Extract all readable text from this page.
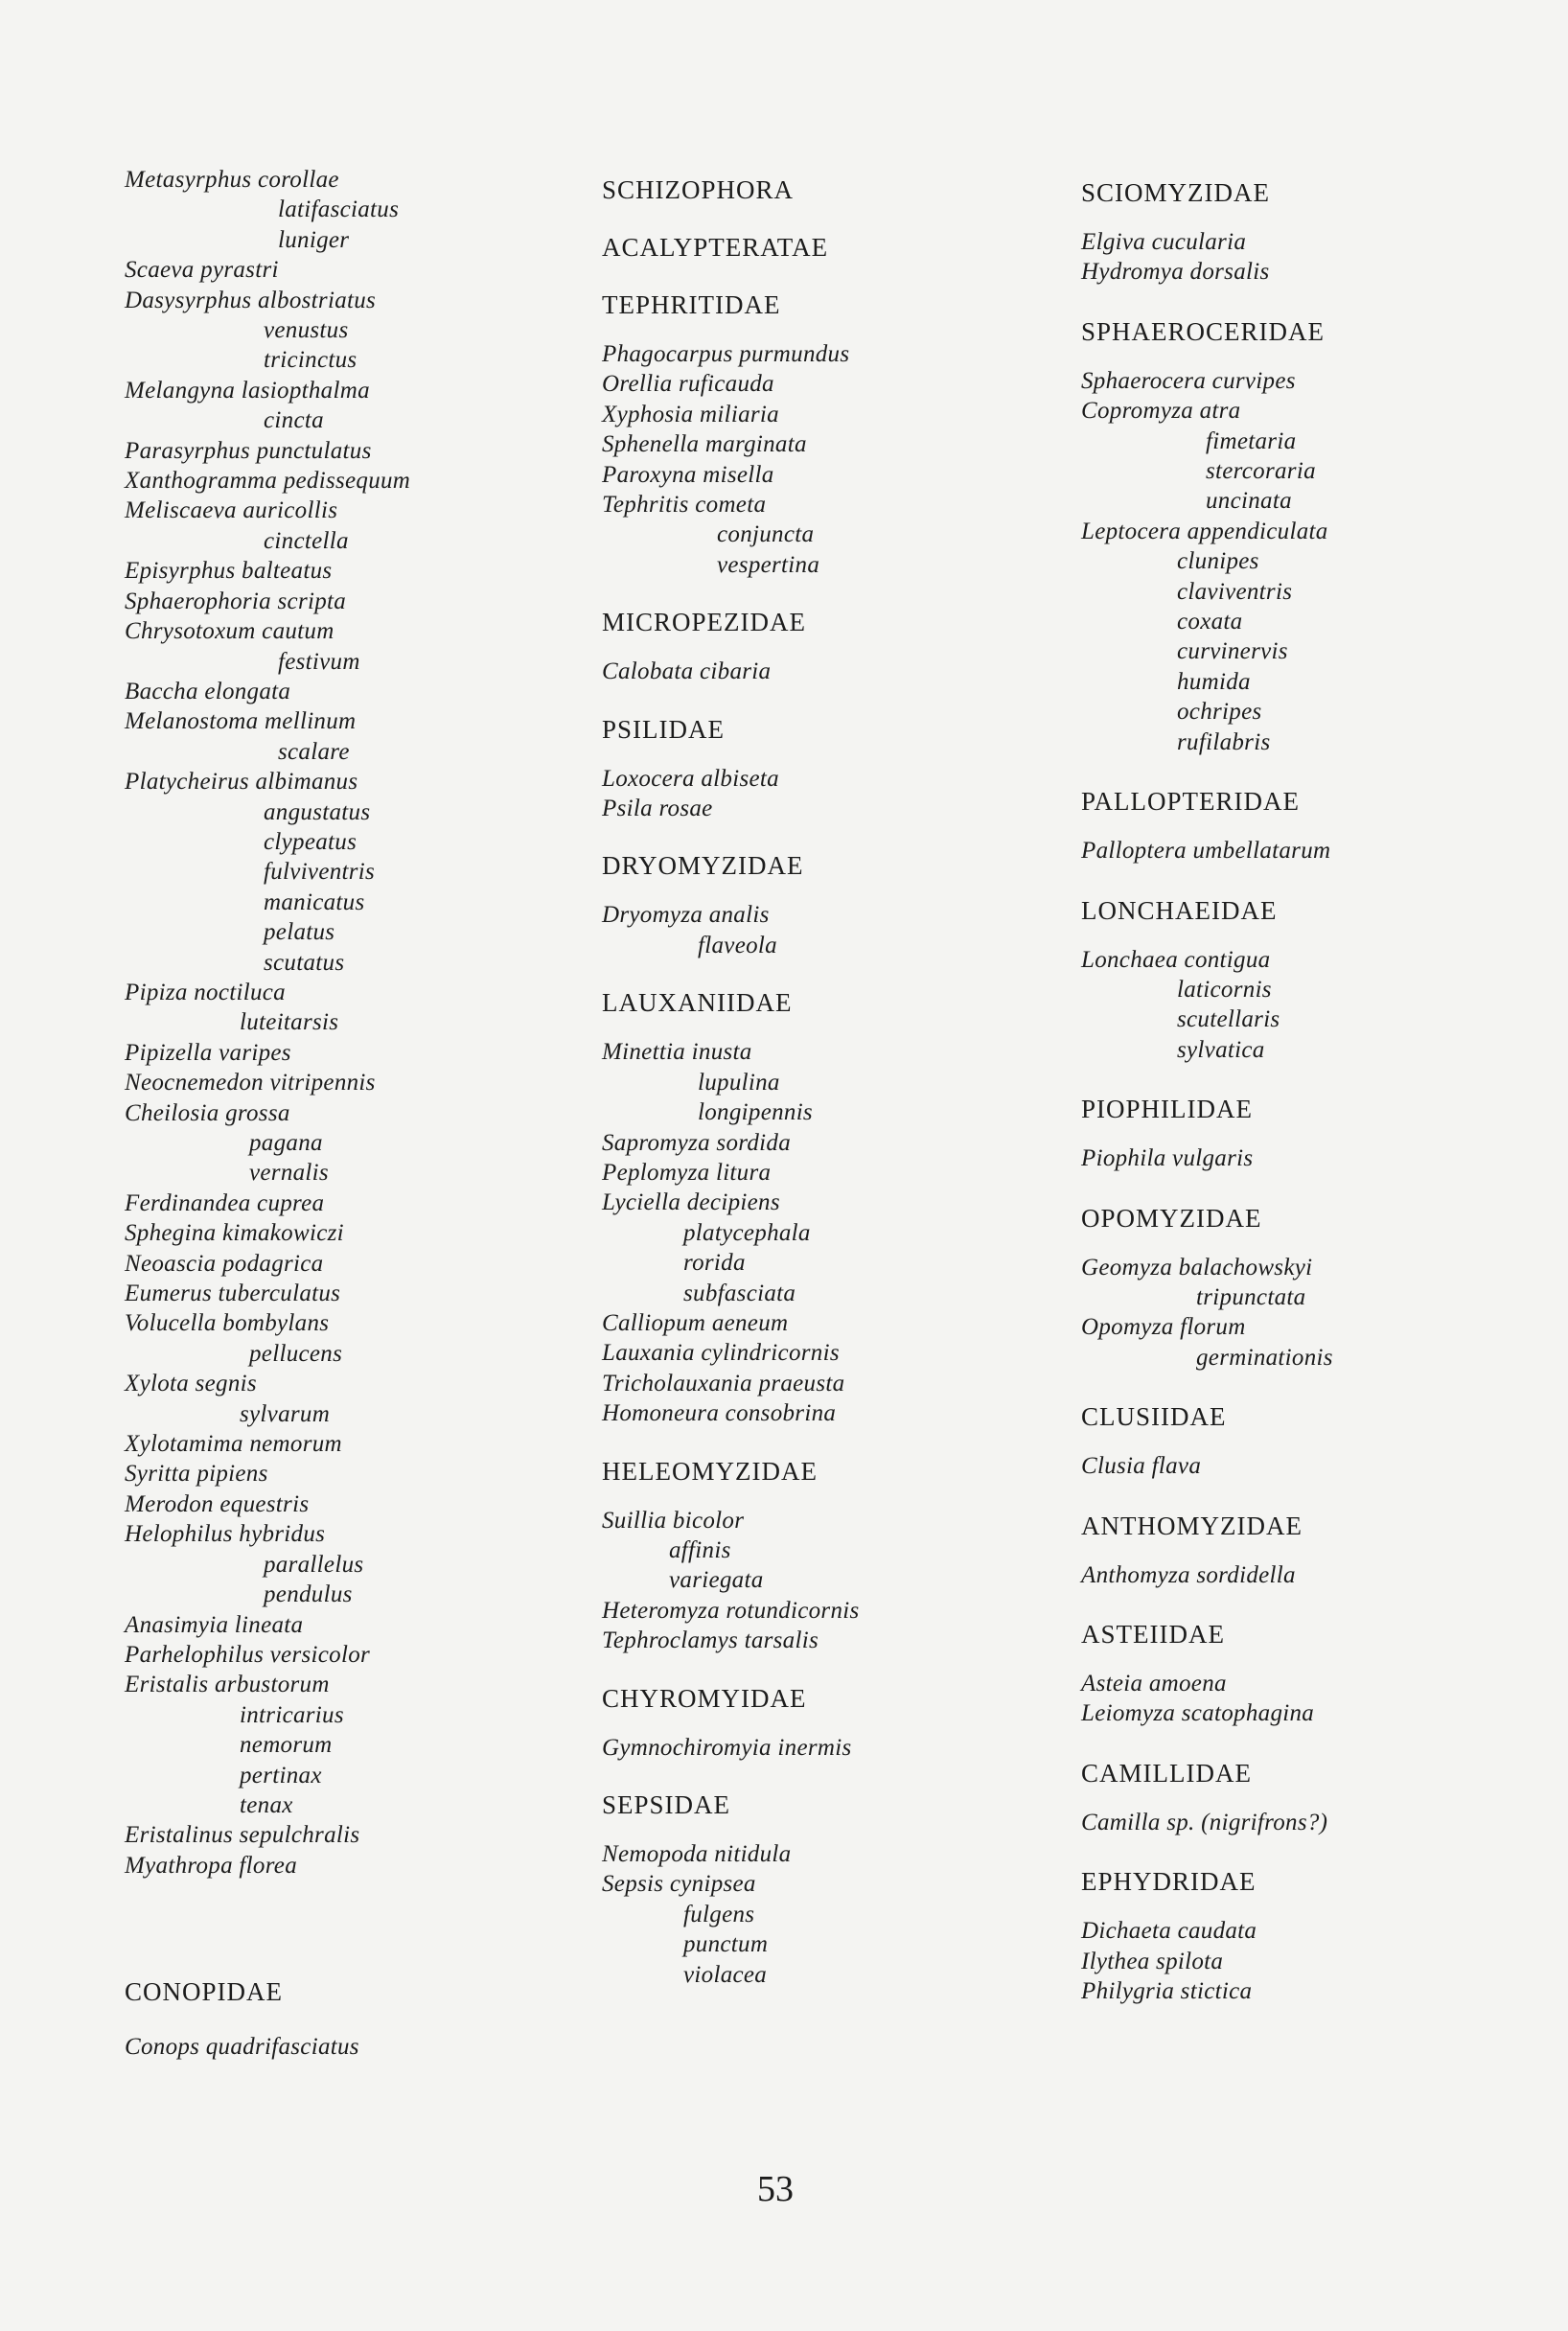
Metasyrphus corollae
latifasciatus
luniger
Scaeva pyrastri
Dasysyrphus albostriatus
venustus
tricinctus
Melangyna lasiopthalma
cincta
Parasyrphus punctulatus
Xanthogramma pedissequum
Meliscaeva auricollis
cinctella
Episyrphus balteatus
Sphaerophoria scripta
Chrysotoxum cautum
festivum
Baccha elongata
Melanostoma mellinum
scalare
Platycheirus albimanus
angustatus
clypeatus
fulviventris
manicatus
pelatus
scutatus
Pipiza noctiluca
luteitarsis
Pipizella varipes
Neocnemedon vitripennis
Cheilosia grossa
pagana
vernalis
Ferdinandea cuprea
Sphegina kimakowiczi
Neoascia podagrica
Eumerus tuberculatus
Volucella bombylans
pellucens
Xylota segnis
sylvarum
Xylotamima nemorum
Syritta pipiens
Merodon equestris
Helophilus hybridus
parallelus
pendulus
Anasimyia lineata
Parhelophilus versicolor
Eristalis arbustorum
intricarius
nemorum
pertinax
tenax
Eristalinus sepulchralis
Myathropa florea
CONOPIDAE
Conops quadrifasciatus
SCHIZOPHORA
ACALYPTERATAE
TEPHRITIDAE
Phagocarpus purmundus
Orellia ruficauda
Xyphosia miliaria
Sphenella marginata
Paroxyna misella
Tephritis cometa
conjuncta
vespertina
MICROPEZIDAE
Calobata cibaria
PSILIDAE
Loxocera albiseta
Psila rosae
DRYOMYZIDAE
Dryomyza analis
flaveola
LAUXANIIDAE
Minettia inusta
lupulina
longipennis
Sapromyza sordida
Peplomyza litura
Lyciella decipiens
platycephala
rorida
subfasciata
Calliopum aeneum
Lauxania cylindricornis
Tricholauxania praeusta
Homoneura consobrina
HELEOMYZIDAE
Suillia bicolor
affinis
variegata
Heteromyza rotundicornis
Tephroclamys tarsalis
CHYROMYIDAE
Gymnochiromyia inermis
SEPSIDAE
Nemopoda nitidula
Sepsis cynipsea
fulgens
punctum
violacea
SCIOMYZIDAE
Elgiva cucularia
Hydromya dorsalis
SPHAEROCERIDAE
Sphaerocera curvipes
Copromyza atra
fimetaria
stercoraria
uncinata
Leptocera appendiculata
clunipes
claviventris
coxata
curvinervis
humida
ochripes
rufilabris
PALLOPTERIDAE
Palloptera umbellatarum
LONCHAEIDAE
Lonchaea contigua
laticornis
scutellaris
sylvatica
PIOPHILIDAE
Piophila vulgaris
OPOMYZIDAE
Geomyza balachowskyi
tripunctata
Opomyza florum
germinationis
CLUSIIDAE
Clusia flava
ANTHOMYZIDAE
Anthomyza sordidella
ASTEIIDAE
Asteia amoena
Leiomyza scatophagina
CAMILLIDAE
Camilla sp. (nigrifrons?)
EPHYDRIDAE
Dichaeta caudata
Ilythea spilota
Philygria stictica
53
